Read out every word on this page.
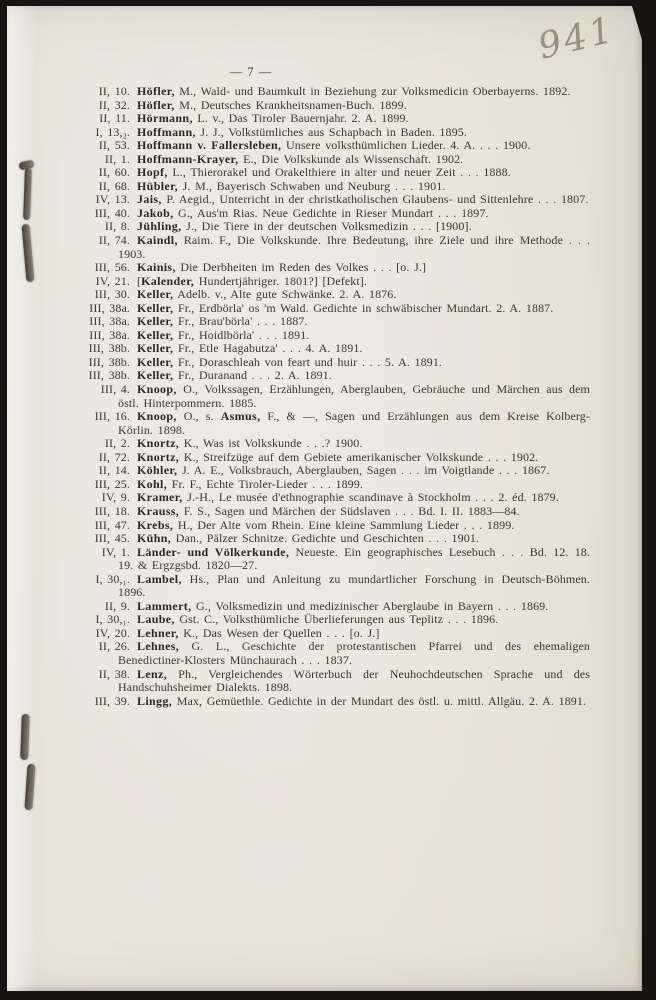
— 7 —
941

II, 10. Höfler, M., Wald- und Baumkult in Beziehung zur Volksmedicin Oberbayerns. 1892.

II, 32. Höfler, M., Deutsches Krankheitsnamen-Buch. 1899.

II, 11. Hörmann, L. v., Das Tiroler Bauernjahr. 2. A. 1899.

I, 13,₂. Hoffmann, J. J., Volkstümliches aus Schapbach in Baden. 1895.

II, 53. Hoffmann v. Fallersleben, Unsere volksthümlichen Lieder. 4. A. . . . 1900.

II, 1. Hoffmann-Krayer, E., Die Volkskunde als Wissenschaft. 1902.

II, 60. Hopf, L., Thierorakel und Orakelthiere in alter und neuer Zeit . . . 1888.

II, 68. Hübler, J. M., Bayerisch Schwaben und Neuburg . . . 1901.

IV, 13. Jais, P. Aegid., Unterricht in der christkatholischen Glaubens- und Sittenlehre . . . 1807.

III, 40. Jakob, G., Aus'm Rias. Neue Gedichte in Rieser Mundart . . . 1897.

II, 8. Jühling, J., Die Tiere in der deutschen Volksmedizin . . . [1900].

II, 74. Kaindl, Raim. F., Die Volkskunde. Ihre Bedeutung, ihre Ziele und ihre Methode . . . 1903.

III, 56. Kainis, Die Derbheiten im Reden des Volkes . . . [o. J.]

IV, 21. [Kalender, Hundertjähriger. 1801?] [Defekt].

III, 30. Keller, Adelb. v., Alte gute Schwänke. 2. A. 1876.

III, 38a. Keller, Fr., Erdbörla' os 'm Wald. Gedichte in schwäbischer Mundart. 2. A. 1887.

III, 38a. Keller, Fr., Brau'börla' . . . 1887.

III, 38a. Keller, Fr., Hoidlbörla' . . . 1891.

III, 38b. Keller, Fr., Etle Hagabutza' . . . 4. A. 1891.

III, 38b. Keller, Fr., Doraschleah von feart und huir . . . 5. A. 1891.

III, 38b. Keller, Fr., Duranand . . . 2. A. 1891.

III, 4. Knoop, O., Volkssagen, Erzählungen, Aberglauben, Gebräuche und Märchen aus dem östl. Hinterpommern. 1885.

III, 16. Knoop, O., s. Asmus, F., & —, Sagen und Erzählungen aus dem Kreise Kolberg-Körlin. 1898.

II, 2. Knortz, K., Was ist Volkskunde . . .? 1900.

II, 72. Knortz, K., Streifzüge auf dem Gebiete amerikanischer Volkskunde . . . 1902.

II, 14. Köhler, J. A. E., Volksbrauch, Aberglauben, Sagen . . . im Voigtlande . . . 1867.

III, 25. Kohl, Fr. F., Echte Tiroler-Lieder . . . 1899.

IV, 9. Kramer, J.-H., Le musée d'ethnographie scandinave à Stockholm . . . 2. éd. 1879.

III, 18. Krauss, F. S., Sagen und Märchen der Südslaven . . . Bd. I. II. 1883—84.

III, 47. Krebs, H., Der Alte vom Rhein. Eine kleine Sammlung Lieder . . . 1899.

III, 45. Kühn, Dan., Pälzer Schnitze. Gedichte und Geschichten . . . 1901.

IV, 1. Länder- und Völkerkunde, Neueste. Ein geographisches Lesebuch . . . Bd. 12. 18. 19. & Ergzgsbd. 1820—27.

I, 30,₁. Lambel, Hs., Plan und Anleitung zu mundartlicher Forschung in Deutsch-Böhmen. 1896.

II, 9. Lammert, G., Volksmedizin und medizinischer Aberglaube in Bayern . . . 1869.

I, 30,₁. Laube, Gst. C., Volksthümliche Überlieferungen aus Teplitz . . . 1896.

IV, 20. Lehner, K., Das Wesen der Quellen . . . [o. J.]

II, 26. Lehnes, G. L., Geschichte der protestantischen Pfarrei und des ehemaligen Benedictiner-Klosters Münchaurach . . . 1837.

II, 38. Lenz, Ph., Vergleichendes Wörterbuch der Neuhochdeutschen Sprache und des Handschuhsheimer Dialekts. 1898.

III, 39. Lingg, Max, Gemüethle. Gedichte in der Mundart des östl. u. mittl. Allgäu. 2. A. 1891.
